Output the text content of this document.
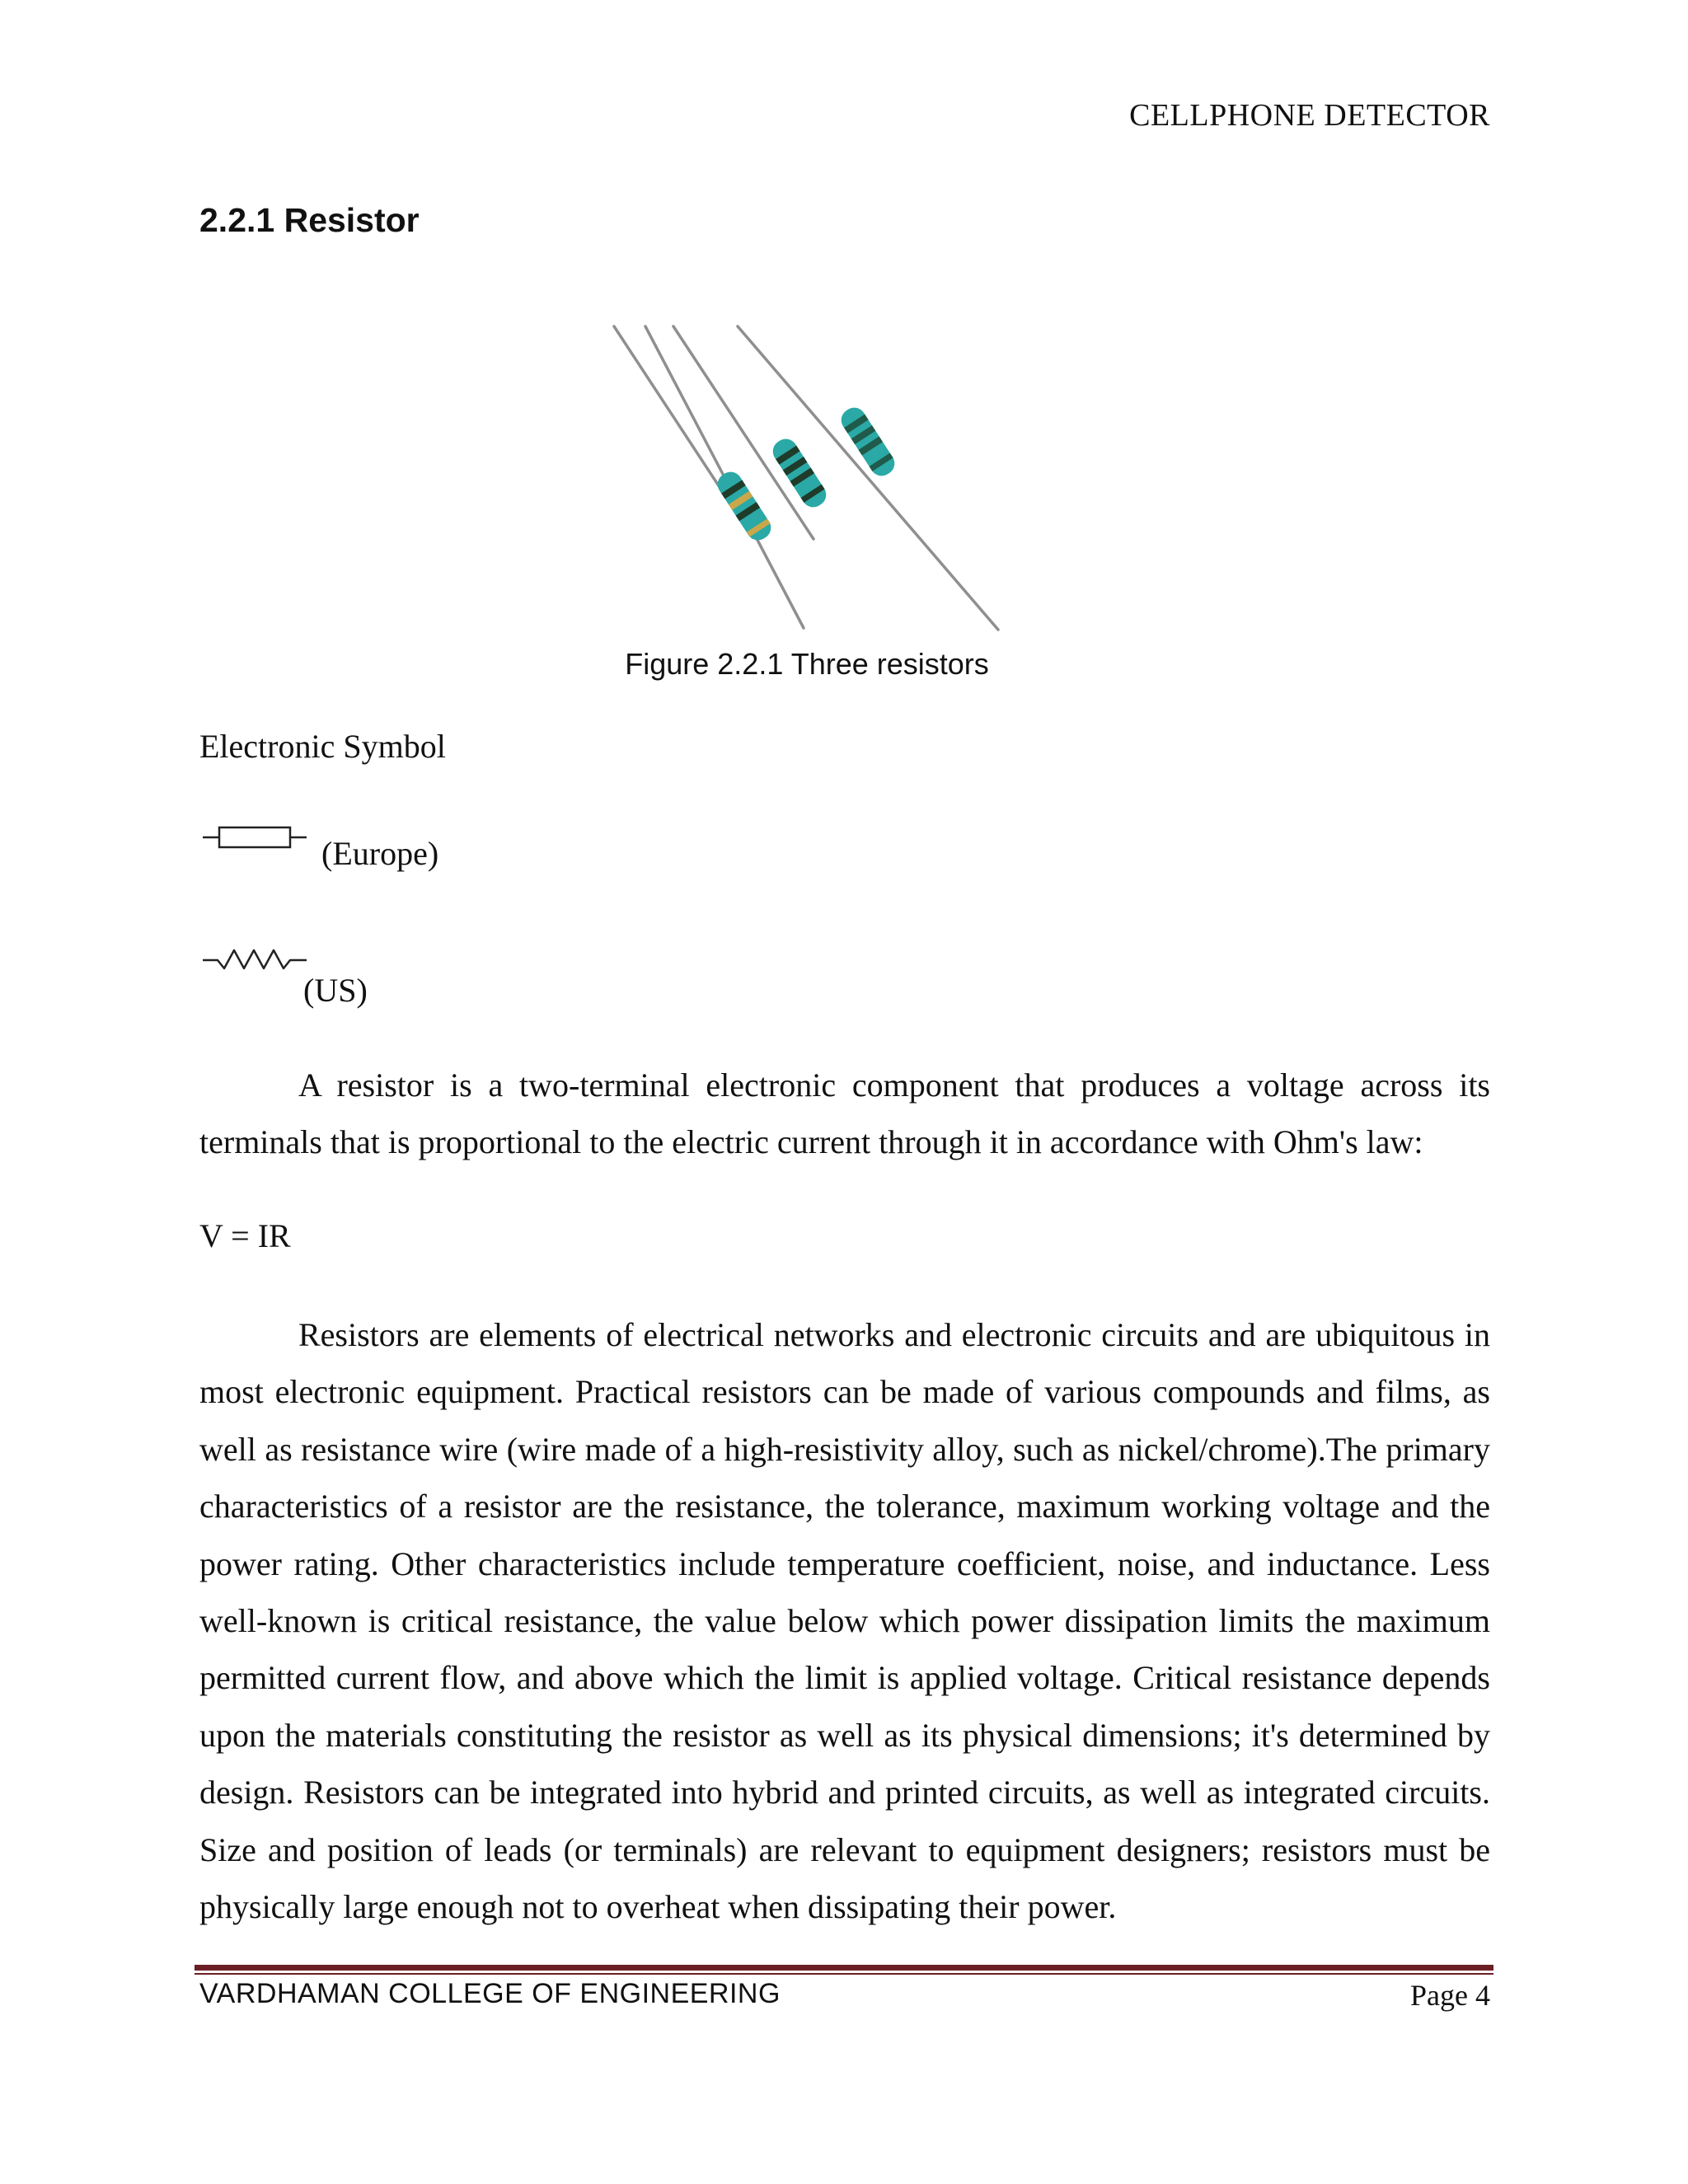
CELLPHONE DETECTOR
2.2.1 Resistor
Figure 2.2.1 Three resistors
Electronic Symbol
(Europe)
(US)

A resistor is a two-terminal electronic component that produces a voltage across its terminals that is proportional to the electric current through it in accordance with Ohm's law:

V = IR

Resistors are elements of electrical networks and electronic circuits and are ubiquitous in most electronic equipment. Practical resistors can be made of various compounds and films, as well as resistance wire (wire made of a high-resistivity alloy, such as nickel/chrome).The primary characteristics of a resistor are the resistance, the tolerance, maximum working voltage and the power rating. Other characteristics include temperature coefficient, noise, and inductance. Less well-known is critical resistance, the value below which power dissipation limits the maximum permitted current flow, and above which the limit is applied voltage. Critical resistance depends upon the materials constituting the resistor as well as its physical dimensions; it's determined by design. Resistors can be integrated into hybrid and printed circuits, as well as integrated circuits. Size and position of leads (or terminals) are relevant to equipment designers; resistors must be physically large enough not to overheat when dissipating their power.

VARDHAMAN COLLEGE OF ENGINEERING	Page 4
